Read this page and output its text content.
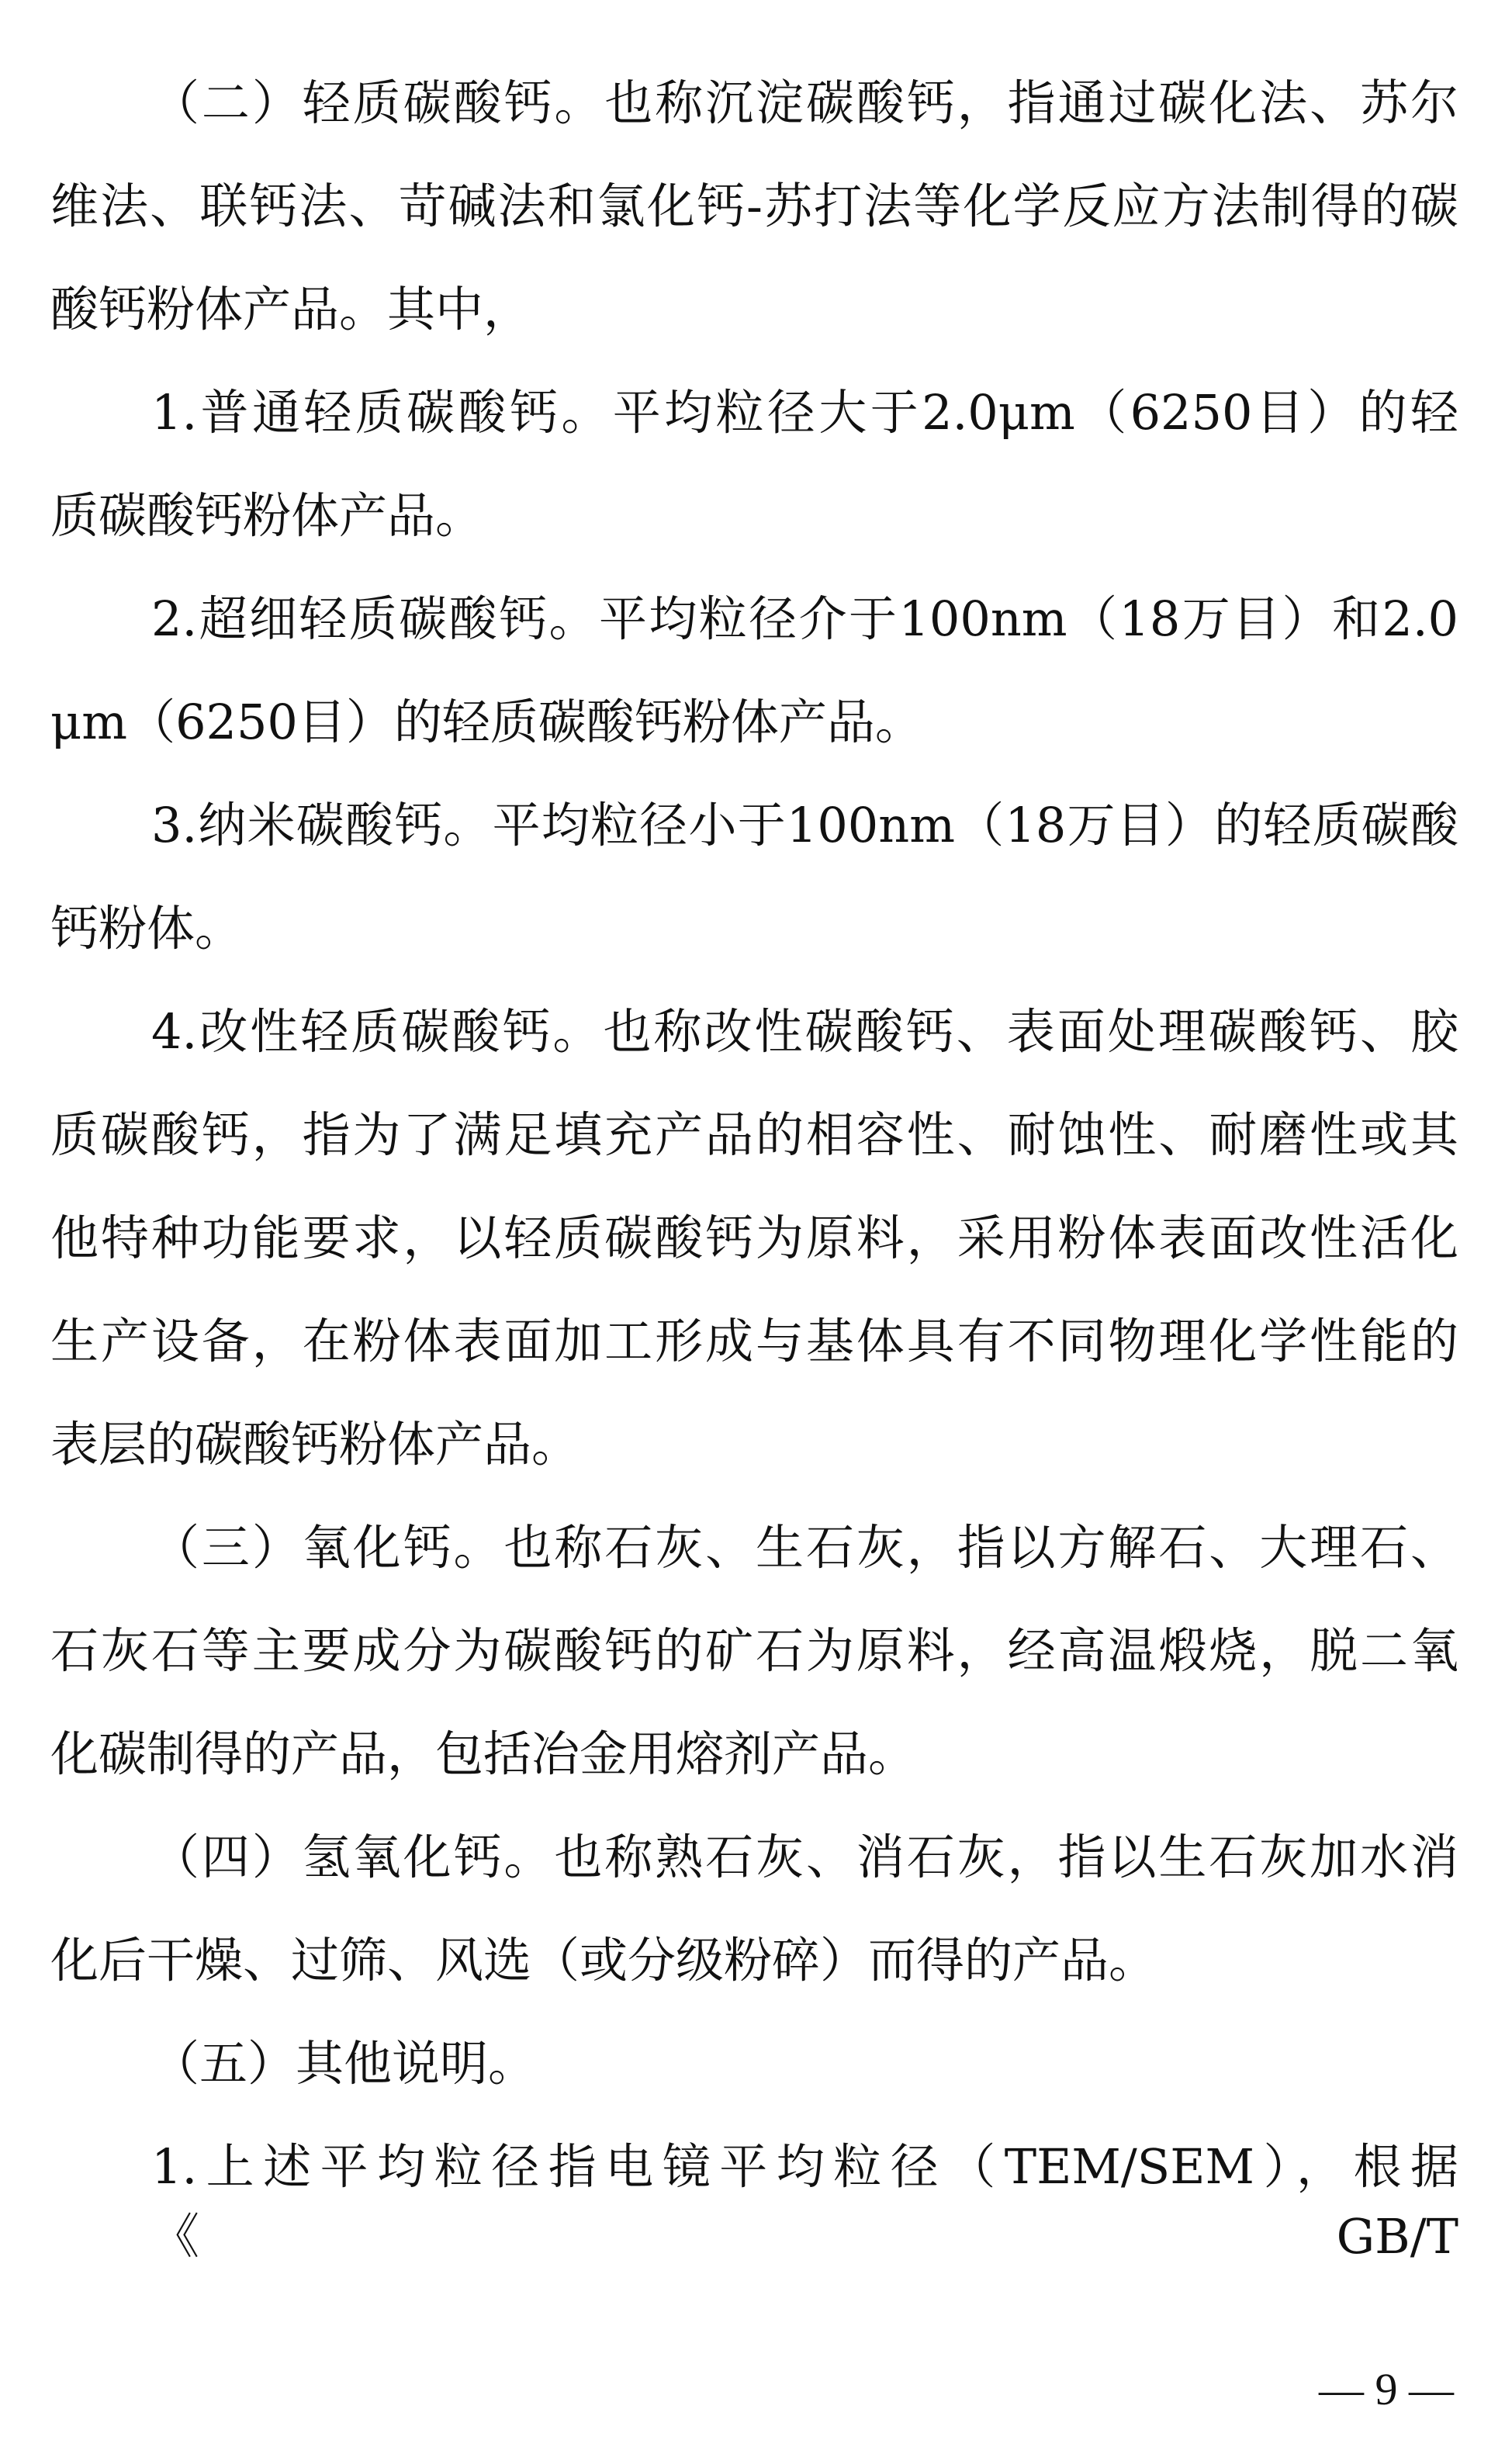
（二）轻质碳酸钙。也称沉淀碳酸钙，指通过碳化法、苏尔
维法、联钙法、苛碱法和氯化钙-苏打法等化学反应方法制得的碳
酸钙粉体产品。其中，
1.普通轻质碳酸钙。平均粒径大于2.0μm（6250目）的轻
质碳酸钙粉体产品。
2.超细轻质碳酸钙。平均粒径介于100nm（18万目）和2.0
μm（6250目）的轻质碳酸钙粉体产品。
3.纳米碳酸钙。平均粒径小于100nm（18万目）的轻质碳酸
钙粉体。
4.改性轻质碳酸钙。也称改性碳酸钙、表面处理碳酸钙、胶
质碳酸钙，指为了满足填充产品的相容性、耐蚀性、耐磨性或其
他特种功能要求，以轻质碳酸钙为原料，采用粉体表面改性活化
生产设备，在粉体表面加工形成与基体具有不同物理化学性能的
表层的碳酸钙粉体产品。
（三）氧化钙。也称石灰、生石灰，指以方解石、大理石、
石灰石等主要成分为碳酸钙的矿石为原料，经高温煅烧，脱二氧
化碳制得的产品，包括冶金用熔剂产品。
（四）氢氧化钙。也称熟石灰、消石灰，指以生石灰加水消
化后干燥、过筛、风选（或分级粉碎）而得的产品。
（五）其他说明。
1.上述平均粒径指电镜平均粒径（TEM/SEM），根据《GB/T
— 9 —
